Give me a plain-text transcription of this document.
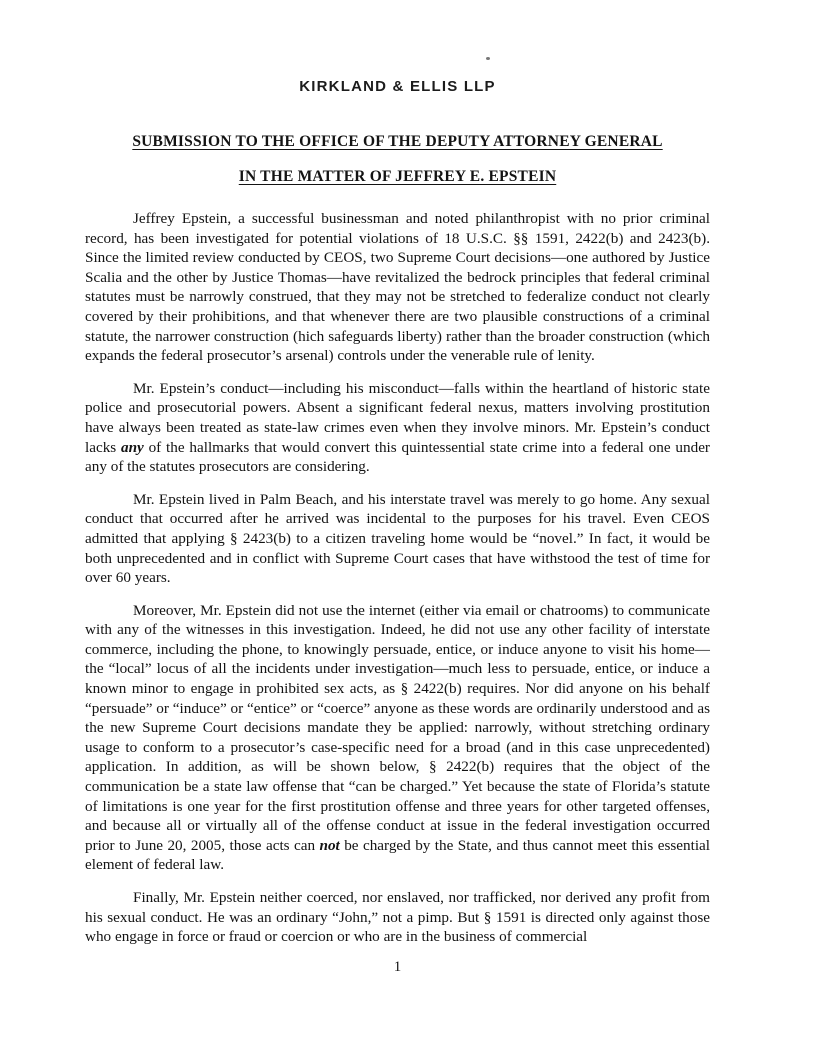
KIRKLAND & ELLIS LLP
SUBMISSION TO THE OFFICE OF THE DEPUTY ATTORNEY GENERAL
IN THE MATTER OF JEFFREY E. EPSTEIN

Jeffrey Epstein, a successful businessman and noted philanthropist with no prior criminal record, has been investigated for potential violations of 18 U.S.C. §§ 1591, 2422(b) and 2423(b). Since the limited review conducted by CEOS, two Supreme Court decisions—one authored by Justice Scalia and the other by Justice Thomas—have revitalized the bedrock principles that federal criminal statutes must be narrowly construed, that they may not be stretched to federalize conduct not clearly covered by their prohibitions, and that whenever there are two plausible constructions of a criminal statute, the narrower construction (hich safeguards liberty) rather than the broader construction (which expands the federal prosecutor’s arsenal) controls under the venerable rule of lenity.

Mr. Epstein’s conduct—including his misconduct—falls within the heartland of historic state police and prosecutorial powers. Absent a significant federal nexus, matters involving prostitution have always been treated as state-law crimes even when they involve minors. Mr. Epstein’s conduct lacks any of the hallmarks that would convert this quintessential state crime into a federal one under any of the statutes prosecutors are considering.

Mr. Epstein lived in Palm Beach, and his interstate travel was merely to go home. Any sexual conduct that occurred after he arrived was incidental to the purposes for his travel. Even CEOS admitted that applying § 2423(b) to a citizen traveling home would be “novel.” In fact, it would be both unprecedented and in conflict with Supreme Court cases that have withstood the test of time for over 60 years.

Moreover, Mr. Epstein did not use the internet (either via email or chatrooms) to communicate with any of the witnesses in this investigation. Indeed, he did not use any other facility of interstate commerce, including the phone, to knowingly persuade, entice, or induce anyone to visit his home—the “local” locus of all the incidents under investigation—much less to persuade, entice, or induce a known minor to engage in prohibited sex acts, as § 2422(b) requires. Nor did anyone on his behalf “persuade” or “induce” or “entice” or “coerce” anyone as these words are ordinarily understood and as the new Supreme Court decisions mandate they be applied: narrowly, without stretching ordinary usage to conform to a prosecutor’s case-specific need for a broad (and in this case unprecedented) application. In addition, as will be shown below, § 2422(b) requires that the object of the communication be a state law offense that “can be charged.” Yet because the state of Florida’s statute of limitations is one year for the first prostitution offense and three years for other targeted offenses, and because all or virtually all of the offense conduct at issue in the federal investigation occurred prior to June 20, 2005, those acts can not be charged by the State, and thus cannot meet this essential element of federal law.

Finally, Mr. Epstein neither coerced, nor enslaved, nor trafficked, nor derived any profit from his sexual conduct. He was an ordinary “John,” not a pimp. But § 1591 is directed only against those who engage in force or fraud or coercion or who are in the business of commercial

1
